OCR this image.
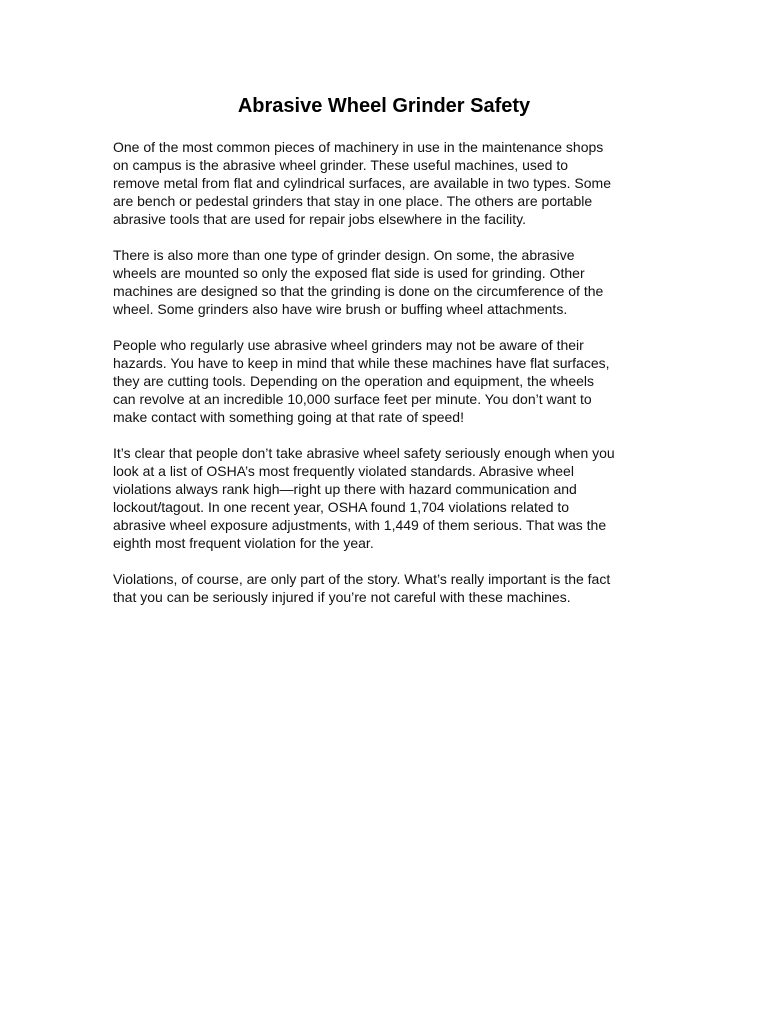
Abrasive Wheel Grinder Safety

One of the most common pieces of machinery in use in the maintenance shops
on campus is the abrasive wheel grinder. These useful machines, used to
remove metal from flat and cylindrical surfaces, are available in two types. Some
are bench or pedestal grinders that stay in one place. The others are portable
abrasive tools that are used for repair jobs elsewhere in the facility.

There is also more than one type of grinder design. On some, the abrasive
wheels are mounted so only the exposed flat side is used for grinding. Other
machines are designed so that the grinding is done on the circumference of the
wheel. Some grinders also have wire brush or buffing wheel attachments.

People who regularly use abrasive wheel grinders may not be aware of their
hazards. You have to keep in mind that while these machines have flat surfaces,
they are cutting tools. Depending on the operation and equipment, the wheels
can revolve at an incredible 10,000 surface feet per minute. You don’t want to
make contact with something going at that rate of speed!

It’s clear that people don’t take abrasive wheel safety seriously enough when you
look at a list of OSHA’s most frequently violated standards. Abrasive wheel
violations always rank high—right up there with hazard communication and
lockout/tagout. In one recent year, OSHA found 1,704 violations related to
abrasive wheel exposure adjustments, with 1,449 of them serious. That was the
eighth most frequent violation for the year.

Violations, of course, are only part of the story. What’s really important is the fact
that you can be seriously injured if you’re not careful with these machines.
